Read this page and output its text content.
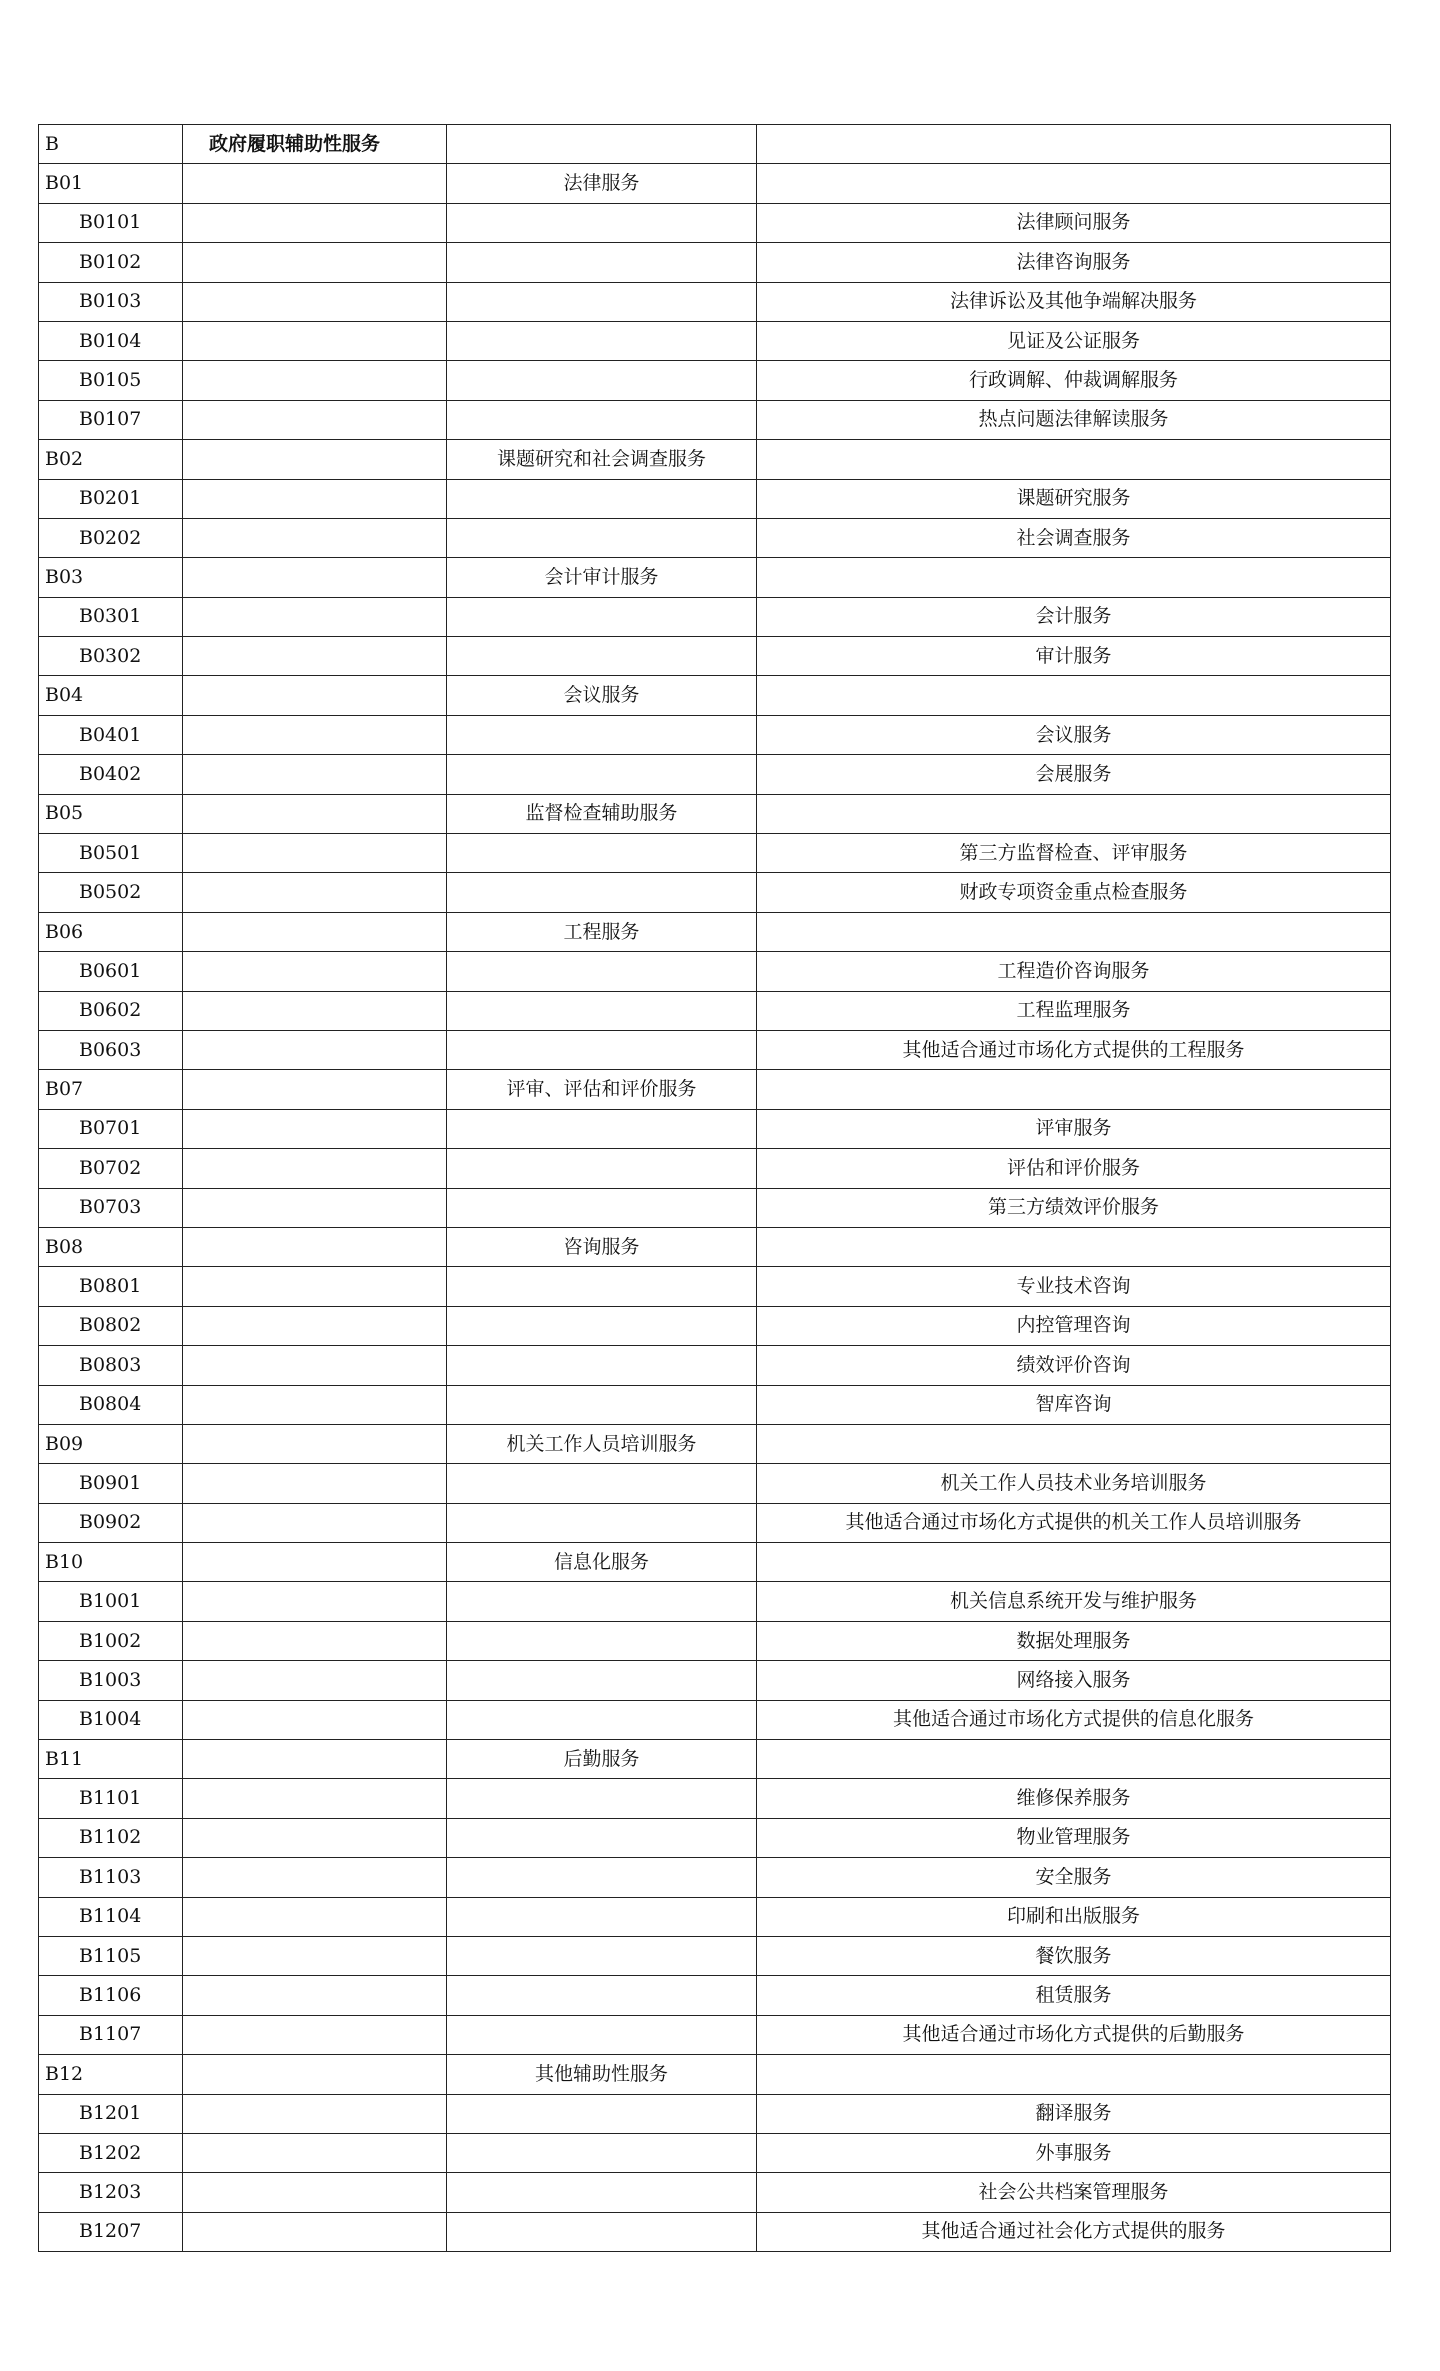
B	政府履职辅助性服务		
B01		法律服务	
B0101			法律顾问服务
B0102			法律咨询服务
B0103			法律诉讼及其他争端解决服务
B0104			见证及公证服务
B0105			行政调解、仲裁调解服务
B0107			热点问题法律解读服务
B02		课题研究和社会调查服务	
B0201			课题研究服务
B0202			社会调查服务
B03		会计审计服务	
B0301			会计服务
B0302			审计服务
B04		会议服务	
B0401			会议服务
B0402			会展服务
B05		监督检查辅助服务	
B0501			第三方监督检查、评审服务
B0502			财政专项资金重点检查服务
B06		工程服务	
B0601			工程造价咨询服务
B0602			工程监理服务
B0603			其他适合通过市场化方式提供的工程服务
B07		评审、评估和评价服务	
B0701			评审服务
B0702			评估和评价服务
B0703			第三方绩效评价服务
B08		咨询服务	
B0801			专业技术咨询
B0802			内控管理咨询
B0803			绩效评价咨询
B0804			智库咨询
B09		机关工作人员培训服务	
B0901			机关工作人员技术业务培训服务
B0902			其他适合通过市场化方式提供的机关工作人员培训服务
B10		信息化服务	
B1001			机关信息系统开发与维护服务
B1002			数据处理服务
B1003			网络接入服务
B1004			其他适合通过市场化方式提供的信息化服务
B11		后勤服务	
B1101			维修保养服务
B1102			物业管理服务
B1103			安全服务
B1104			印刷和出版服务
B1105			餐饮服务
B1106			租赁服务
B1107			其他适合通过市场化方式提供的后勤服务
B12		其他辅助性服务	
B1201			翻译服务
B1202			外事服务
B1203			社会公共档案管理服务
B1207			其他适合通过社会化方式提供的服务
